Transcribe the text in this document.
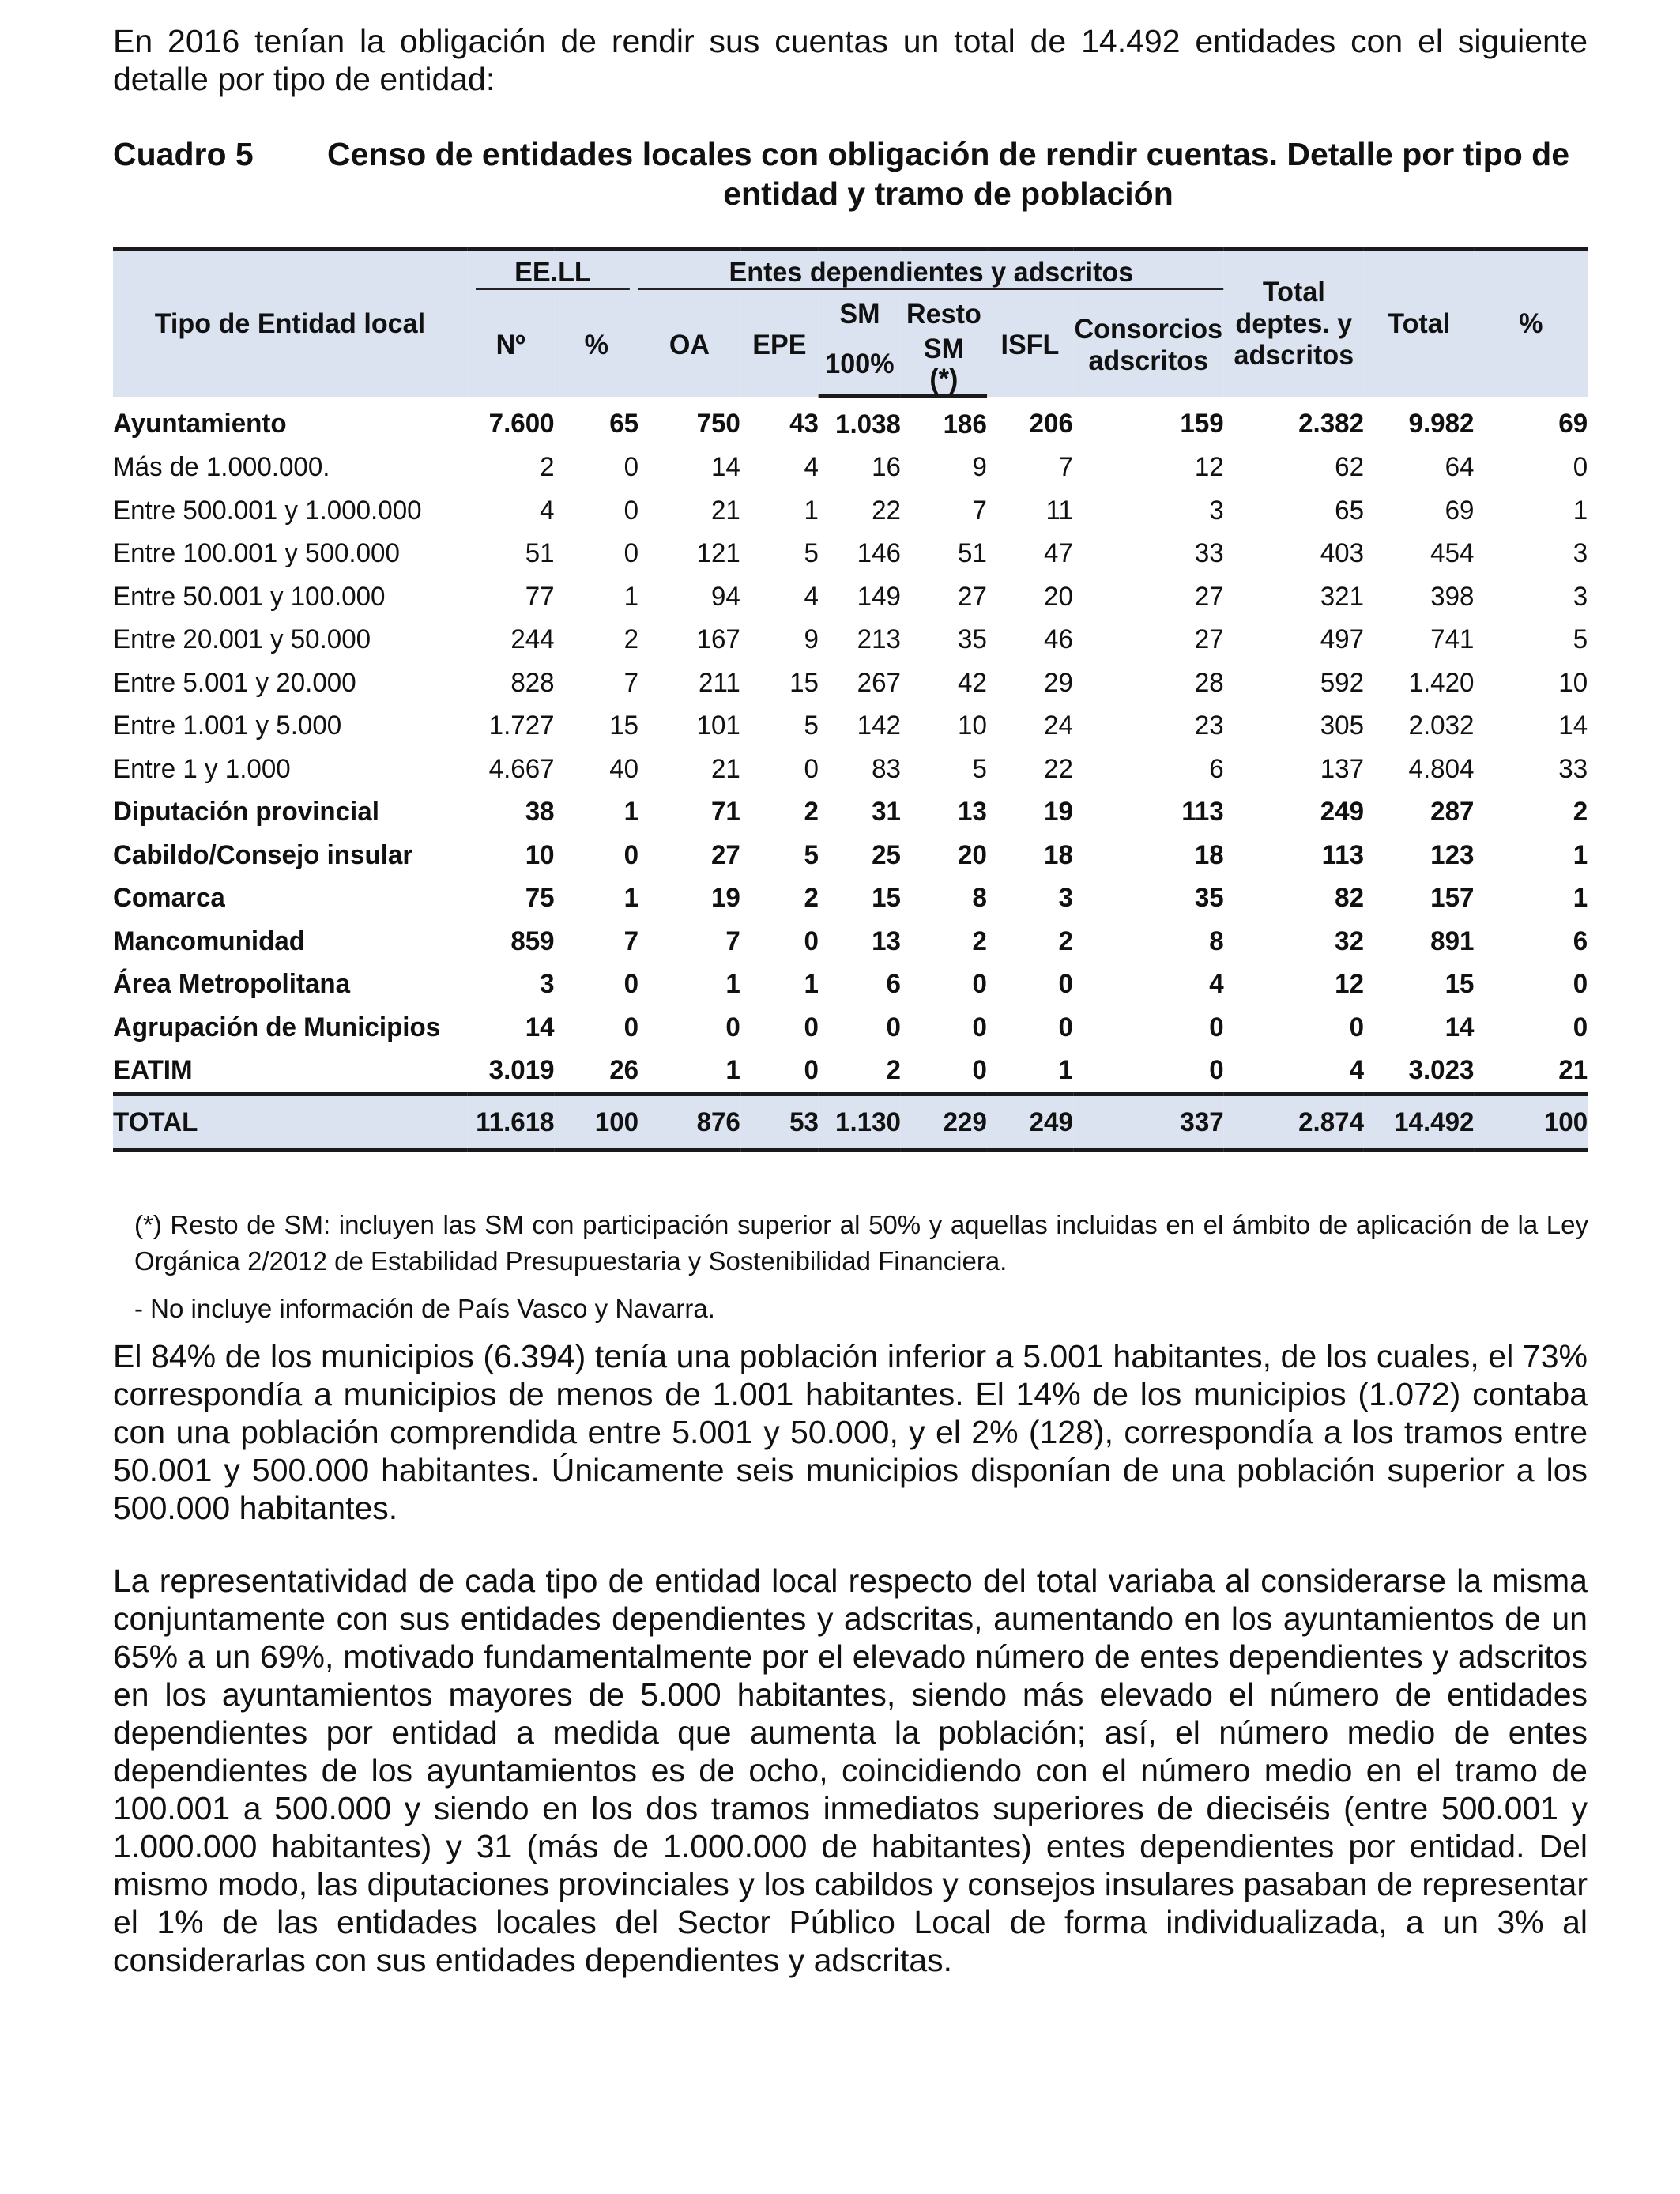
En 2016 tenían la obligación de rendir sus cuentas un total de 14.492 entidades con el siguiente detalle por tipo de entidad:

Cuadro 5	Censo de entidades locales con obligación de rendir cuentas. Detalle por tipo de entidad y tramo de población
Tipo de Entidad local	EE.LL		Entes dependientes y adscritos						Total deptes. y adscritos	Total	%
	Nº	%	OA	EPE	SM	Resto	ISFL	Consorcios adscritos			
					100%	SM
(*)					
Ayuntamiento	7.600	65	750	43	1.038	186	206	159	2.382	9.982	69
Más de 1.000.000.	2	0	14	4	16	9	7	12	62	64	0
Entre 500.001 y 1.000.000	4	0	21	1	22	7	11	3	65	69	1
Entre 100.001 y 500.000	51	0	121	5	146	51	47	33	403	454	3
Entre 50.001 y 100.000	77	1	94	4	149	27	20	27	321	398	3
Entre 20.001 y 50.000	244	2	167	9	213	35	46	27	497	741	5
Entre 5.001 y 20.000	828	7	211	15	267	42	29	28	592	1.420	10
Entre 1.001 y 5.000	1.727	15	101	5	142	10	24	23	305	2.032	14
Entre 1 y 1.000	4.667	40	21	0	83	5	22	6	137	4.804	33
Diputación provincial	38	1	71	2	31	13	19	113	249	287	2
Cabildo/Consejo insular	10	0	27	5	25	20	18	18	113	123	1
Comarca	75	1	19	2	15	8	3	35	82	157	1
Mancomunidad	859	7	7	0	13	2	2	8	32	891	6
Área Metropolitana	3	0	1	1	6	0	0	4	12	15	0
Agrupación de Municipios	14	0	0	0	0	0	0	0	0	14	0
EATIM	3.019	26	1	0	2	0	1	0	4	3.023	21
TOTAL	11.618	100	876	53	1.130	229	249	337	2.874	14.492	100

(*) Resto de SM: incluyen las SM con participación superior al 50% y aquellas incluidas en el ámbito de aplicación de la Ley Orgánica 2/2012 de Estabilidad Presupuestaria y Sostenibilidad Financiera.

- No incluye información de País Vasco y Navarra.

El 84% de los municipios (6.394) tenía una población inferior a 5.001 habitantes, de los cuales, el 73% correspondía a municipios de menos de 1.001 habitantes. El 14% de los municipios (1.072) contaba con una población comprendida entre 5.001 y 50.000, y el 2% (128), correspondía a los tramos entre 50.001 y 500.000 habitantes. Únicamente seis municipios disponían de una población superior a los 500.000 habitantes.

La representatividad de cada tipo de entidad local respecto del total variaba al considerarse la misma conjuntamente con sus entidades dependientes y adscritas, aumentando en los ayuntamientos de un 65% a un 69%, motivado fundamentalmente por el elevado número de entes dependientes y adscritos en los ayuntamientos mayores de 5.000 habitantes, siendo más elevado el número de entidades dependientes por entidad a medida que aumenta la población; así, el número medio de entes dependientes de los ayuntamientos es de ocho, coincidiendo con el número medio en el tramo de 100.001 a 500.000 y siendo en los dos tramos inmediatos superiores de dieciséis (entre 500.001 y 1.000.000 habitantes) y 31 (más de 1.000.000 de habitantes) entes dependientes por entidad. Del mismo modo, las diputaciones provinciales y los cabildos y consejos insulares pasaban de representar el 1% de las entidades locales del Sector Público Local de forma individualizada, a un 3% al considerarlas con sus entidades dependientes y adscritas.
